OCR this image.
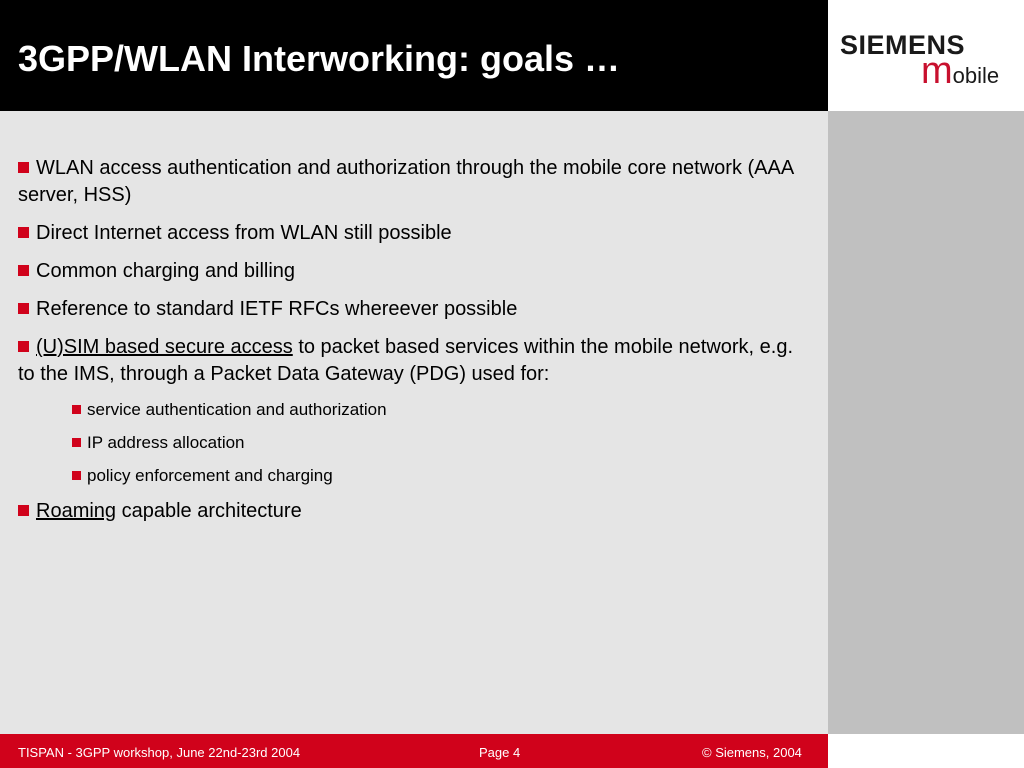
3GPP/WLAN Interworking: goals …	SIEMENS
mobile
WLAN access authentication and authorization through the mobile core network (AAA server, HSS)
Direct Internet access from WLAN still possible
Common charging and billing
Reference to standard IETF RFCs whereever possible
(U)SIM based secure access to packet based services within the mobile network, e.g. to the IMS, through a Packet Data Gateway (PDG) used for:
service authentication and authorization
IP address allocation
policy enforcement and charging
Roaming capable architecture
TISPAN - 3GPP workshop, June 22nd-23rd 2004	Page 4	© Siemens, 2004
